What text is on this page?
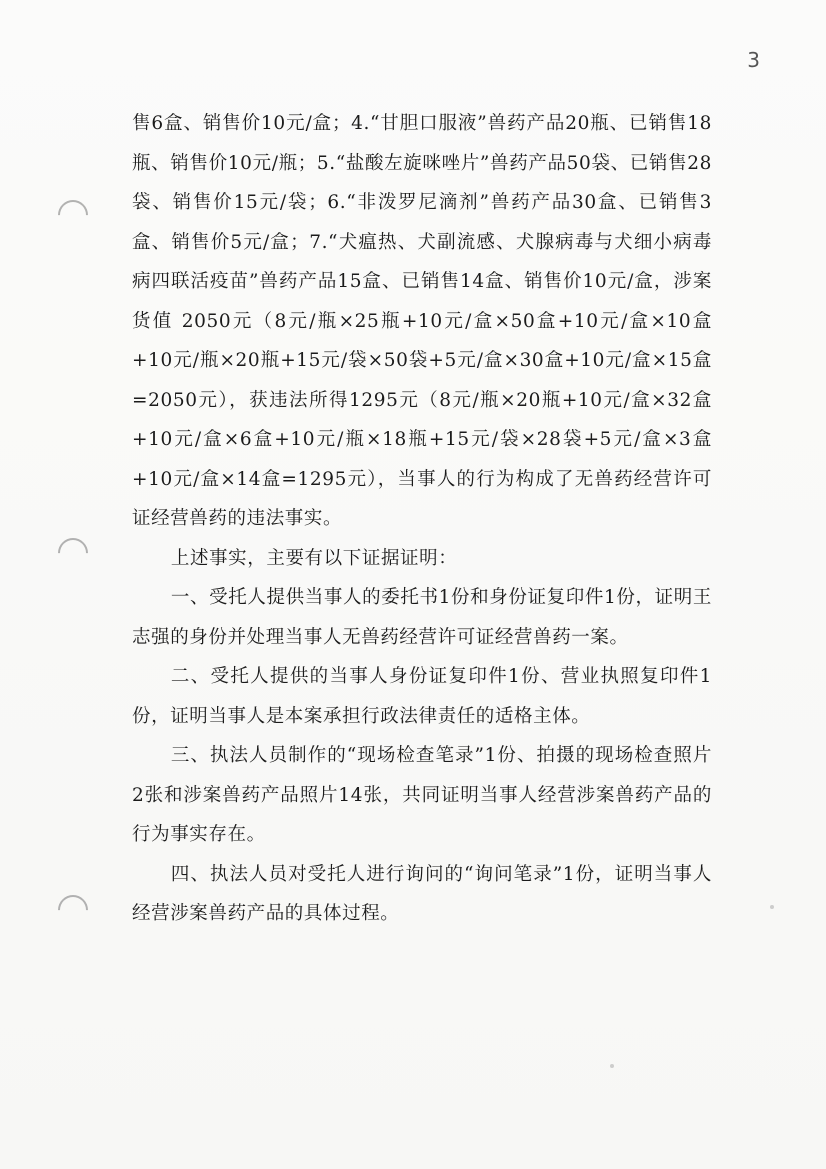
3

售6盒、销售价10元/盒；4.“甘胆口服液”兽药产品20瓶、已销售18瓶、销售价10元/瓶；5.“盐酸左旋咪唑片”兽药产品50袋、已销售28袋、销售价15元/袋；6.“非泼罗尼滴剂”兽药产品30盒、已销售3盒、销售价5元/盒；7.“犬瘟热、犬副流感、犬腺病毒与犬细小病毒病四联活疫苗”兽药产品15盒、已销售14盒、销售价10元/盒，涉案货值 2050元（8元/瓶×25瓶+10元/盒×50盒+10元/盒×10盒+10元/瓶×20瓶+15元/袋×50袋+5元/盒×30盒+10元/盒×15盒=2050元），获违法所得1295元（8元/瓶×20瓶+10元/盒×32盒+10元/盒×6盒+10元/瓶×18瓶+15元/袋×28袋+5元/盒×3盒+10元/盒×14盒=1295元），当事人的行为构成了无兽药经营许可证经营兽药的违法事实。

上述事实，主要有以下证据证明：

一、受托人提供当事人的委托书1份和身份证复印件1份，证明王志强的身份并处理当事人无兽药经营许可证经营兽药一案。

二、受托人提供的当事人身份证复印件1份、营业执照复印件1份，证明当事人是本案承担行政法律责任的适格主体。

三、执法人员制作的“现场检查笔录”1份、拍摄的现场检查照片2张和涉案兽药产品照片14张，共同证明当事人经营涉案兽药产品的行为事实存在。

四、执法人员对受托人进行询问的“询问笔录”1份，证明当事人经营涉案兽药产品的具体过程。
